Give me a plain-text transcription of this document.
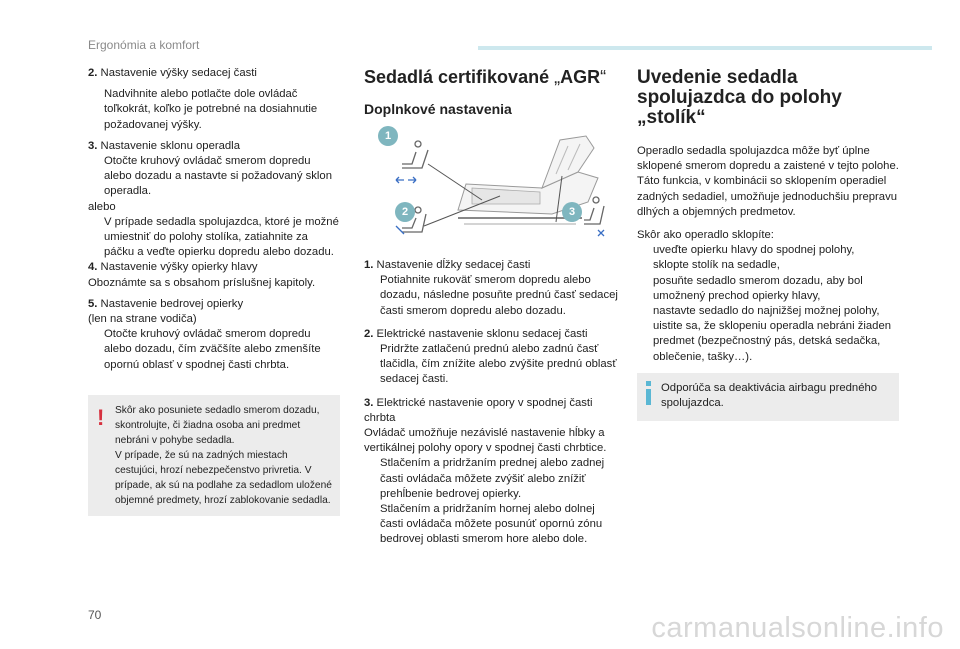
Ergonómia a komfort

2. Nastavenie výšky sedacej časti

Nadvihnite alebo potlačte dole ovládač toľkokrát, koľko je potrebné na dosiahnutie požadovanej výšky.

3. Nastavenie sklonu operadla

Otočte kruhový ovládač smerom dopredu alebo dozadu a nastavte si požadovaný sklon operadla.

alebo

V prípade sedadla spolujazdca, ktoré je možné umiestniť do polohy stolíka, zatiahnite za páčku a veďte opierku dopredu alebo dozadu.

4. Nastavenie výšky opierky hlavy

Oboznámte sa s obsahom príslušnej kapitoly.

5. Nastavenie bedrovej opierky

(len na strane vodiča)

Otočte kruhový ovládač smerom dopredu alebo dozadu, čím zväčšíte alebo zmenšíte opornú oblasť v spodnej časti chrbta.
! Skôr ako posuniete sedadlo smerom dozadu, skontrolujte, či žiadna osoba ani predmet nebráni v pohybe sedadla.
V prípade, že sú na zadných miestach cestujúci, hrozí nebezpečenstvo privretia. V prípade, ak sú na podlahe za sedadlom uložené objemné predmety, hrozí zablokovanie sedadla.
Sedadlá certifikované „AGR“
Doplnkové nastavenia
1
2	3

1. Nastavenie dĺžky sedacej časti

Potiahnite rukoväť smerom dopredu alebo dozadu, následne posuňte prednú časť sedacej časti smerom dopredu alebo dozadu.

2. Elektrické nastavenie sklonu sedacej časti

Pridržte zatlačenú prednú alebo zadnú časť tlačidla, čím znížite alebo zvýšite prednú oblasť sedacej časti.

3. Elektrické nastavenie opory v spodnej časti chrbta

Ovládač umožňuje nezávislé nastavenie hĺbky a vertikálnej polohy opory v spodnej časti chrbtice.

Stlačením a pridržaním prednej alebo zadnej časti ovládača môžete zvýšiť alebo znížiť prehĺbenie bedrovej opierky.
Stlačením a pridržaním hornej alebo dolnej časti ovládača môžete posunúť opornú zónu bedrovej oblasti smerom hore alebo dole.
Uvedenie sedadla
spolujazdca do polohy
„stolík“

Operadlo sedadla spolujazdca môže byť úplne sklopené smerom dopredu a zaistené v tejto polohe.

Táto funkcia, v kombinácii so sklopením operadiel zadných sedadiel, umožňuje jednoduchšiu prepravu dlhých a objemných predmetov.

Skôr ako operadlo sklopíte:

uveďte opierku hlavy do spodnej polohy,
sklopte stolík na sedadle,
posuňte sedadlo smerom dozadu, aby bol umožnený prechod opierky hlavy,
nastavte sedadlo do najnižšej možnej polohy,
uistite sa, že sklopeniu operadla nebráni žiaden predmet (bezpečnostný pás, detská sedačka, oblečenie, tašky…).
Odporúča sa deaktivácia airbagu predného spolujazdca.
70	carmanualsonline.info
